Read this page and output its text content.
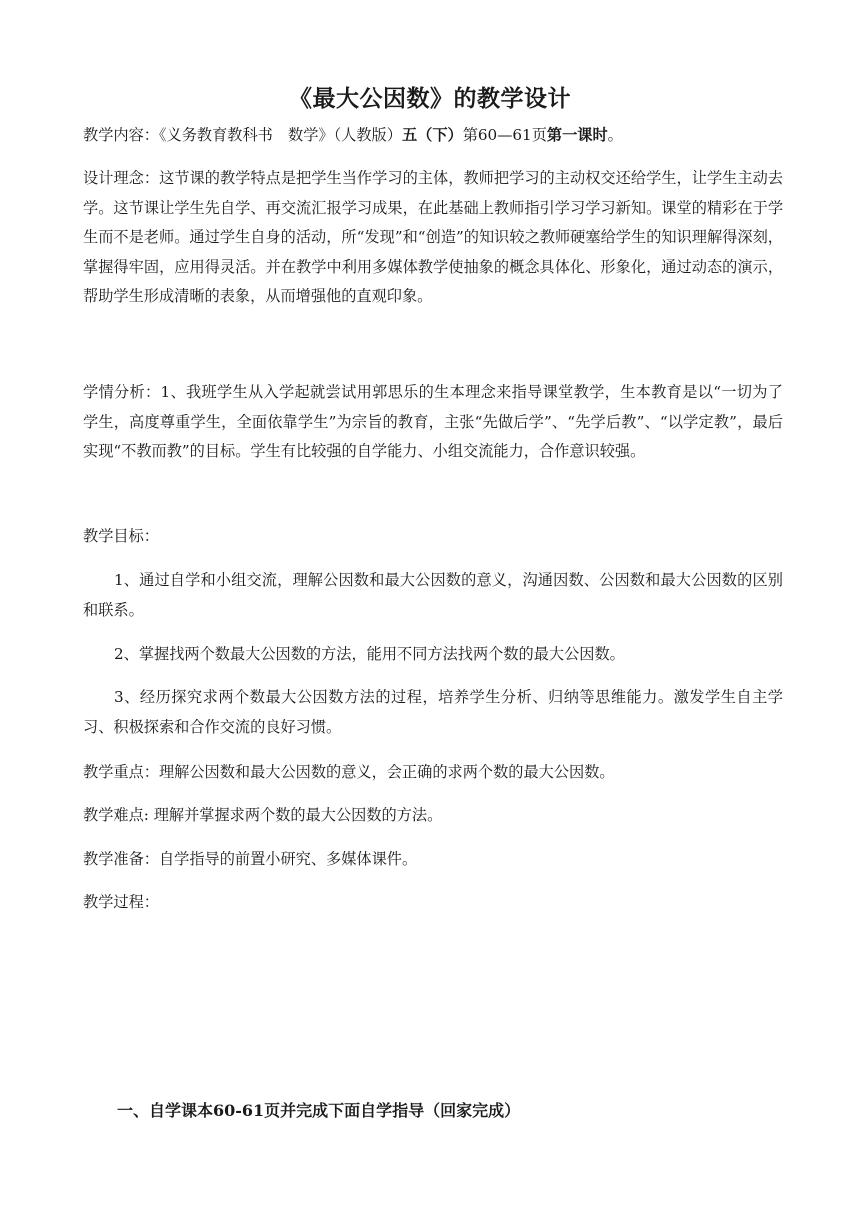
《最大公因数》的教学设计
教学内容：《义务教育教科书　数学》（人教版）五（下）第60—61页第一课时。
设计理念：这节课的教学特点是把学生当作学习的主体，教师把学习的主动权交还给学生，让学生主动去学。这节课让学生先自学、再交流汇报学习成果，在此基础上教师指引学习学习新知。课堂的精彩在于学生而不是老师。通过学生自身的活动，所“发现”和“创造”的知识较之教师硬塞给学生的知识理解得深刻，掌握得牢固，应用得灵活。并在教学中利用多媒体教学使抽象的概念具体化、形象化，通过动态的演示，帮助学生形成清晰的表象，从而增强他的直观印象。
学情分析：1、我班学生从入学起就尝试用郭思乐的生本理念来指导课堂教学，生本教育是以“一切为了学生，高度尊重学生，全面依靠学生”为宗旨的教育，主张“先做后学”、“先学后教”、“以学定教”，最后实现“不教而教”的目标。学生有比较强的自学能力、小组交流能力，合作意识较强。
教学目标：
1、通过自学和小组交流，理解公因数和最大公因数的意义，沟通因数、公因数和最大公因数的区别和联系。
2、掌握找两个数最大公因数的方法，能用不同方法找两个数的最大公因数。
3、经历探究求两个数最大公因数方法的过程，培养学生分析、归纳等思维能力。激发学生自主学习、积极探索和合作交流的良好习惯。
教学重点：理解公因数和最大公因数的意义，会正确的求两个数的最大公因数。
教学难点: 理解并掌握求两个数的最大公因数的方法。
教学准备：自学指导的前置小研究、多媒体课件。
教学过程：
一、自学课本60-61页并完成下面自学指导（回家完成）
